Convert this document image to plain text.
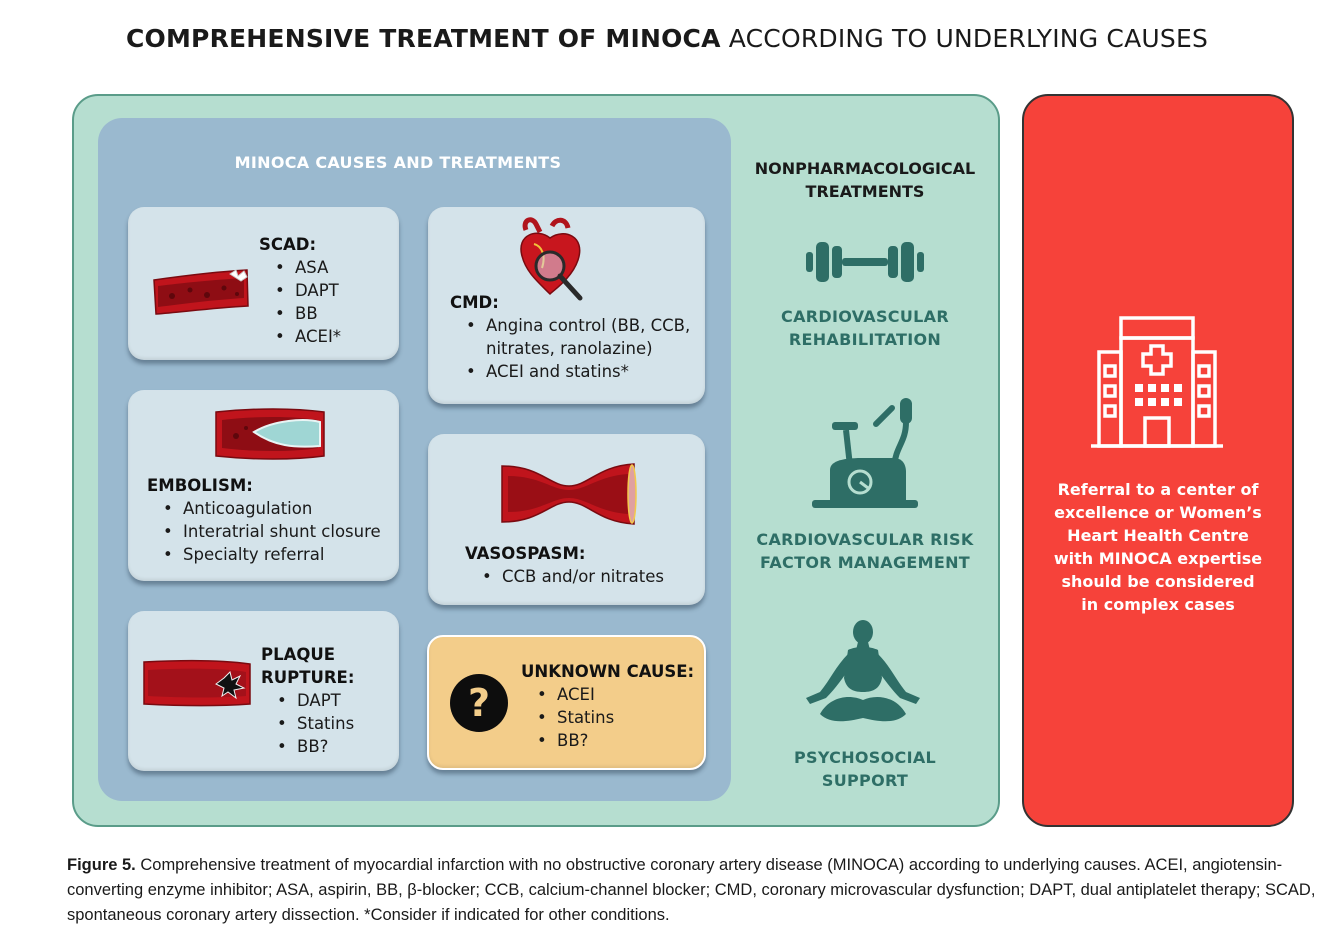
COMPREHENSIVE TREATMENT OF MINOCA ACCORDING TO UNDERLYING CAUSES
MINOCA CAUSES AND TREATMENTS
SCAD:
• ASA
• DAPT
• BB
• ACEI*
CMD:
• Angina control (BB, CCB,
nitrates, ranolazine)
• ACEI and statins*
EMBOLISM:
• Anticoagulation
• Interatrial shunt closure
• Specialty referral	VASOSPASM:
• CCB and/or nitrates
PLAQUE
RUPTURE:
• DAPT
• Statins
• BB?
?
UNKNOWN CAUSE:
• ACEI
• Statins
• BB?
NONPHARMACOLOGICAL
TREATMENTS
CARDIOVASCULAR
REHABILITATION
CARDIOVASCULAR RISK
FACTOR MANAGEMENT
PSYCHOSOCIAL
SUPPORT
Referral to a center of
excellence or Women’s
Heart Health Centre
with MINOCA expertise
should be considered
in complex cases
Figure 5. Comprehensive treatment of myocardial infarction with no obstructive coronary artery disease (MINOCA) according to underlying causes. ACEI, angiotensin-converting enzyme inhibitor; ASA, aspirin, BB, β-blocker; CCB, calcium-channel blocker; CMD, coronary microvascular dysfunction; DAPT, dual antiplatelet therapy; SCAD, spontaneous coronary artery dissection. *Consider if indicated for other conditions.
